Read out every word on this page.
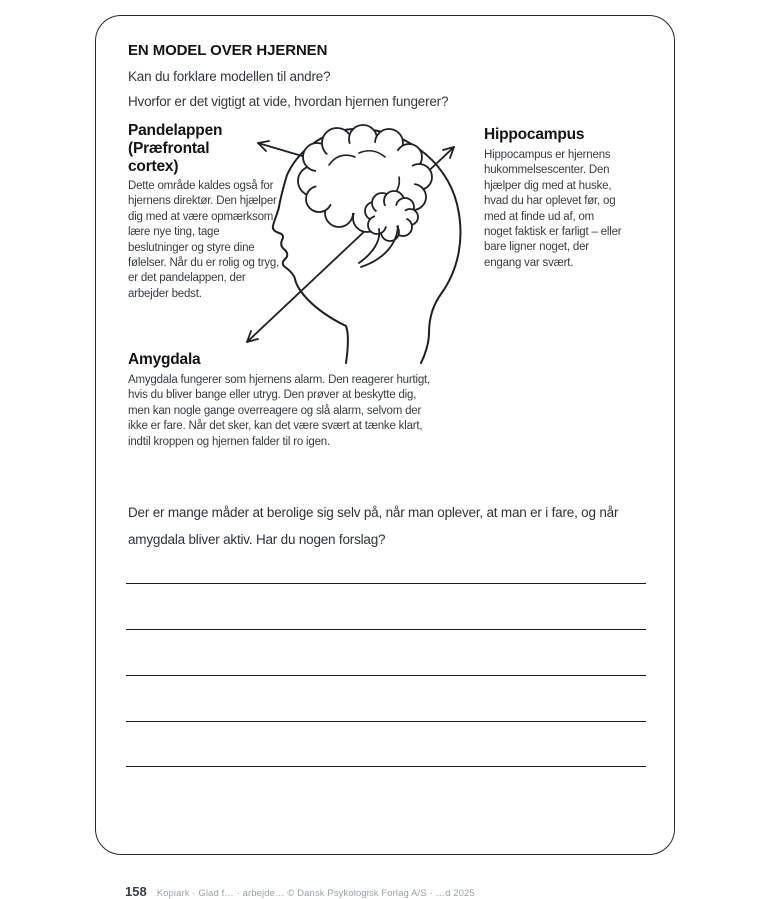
EN MODEL OVER HJERNEN
Kan du forklare modellen til andre?
Hvorfor er det vigtigt at vide, hvordan hjernen fungerer?
Pandelappen (Præfrontal cortex)
Dette område kaldes også for hjernens direktør. Den hjælper dig med at være opmærksom, lære nye ting, tage beslutninger og styre dine følelser. Når du er rolig og tryg, er det pandelappen, der arbejder bedst.
Hippocampus
Hippocampus er hjernens hukommelsescenter. Den hjælper dig med at huske, hvad du har oplevet før, og med at finde ud af, om noget faktisk er farligt – eller bare ligner noget, der engang var svært.
Amygdala
Amygdala fungerer som hjernens alarm. Den reagerer hurtigt, hvis du bliver bange eller utryg. Den prøver at beskytte dig, men kan nogle gange overreagere og slå alarm, selvom der ikke er fare. Når det sker, kan det være svært at tænke klart, indtil kroppen og hjernen falder til ro igen.
Der er mange måder at berolige sig selv på, når man oplever, at man er i fare, og når amygdala bliver aktiv. Har du nogen forslag?
158 Kopiark · Glad f… · arbejde… © Dansk Psykologisk Forlag A/S · …d 2025
